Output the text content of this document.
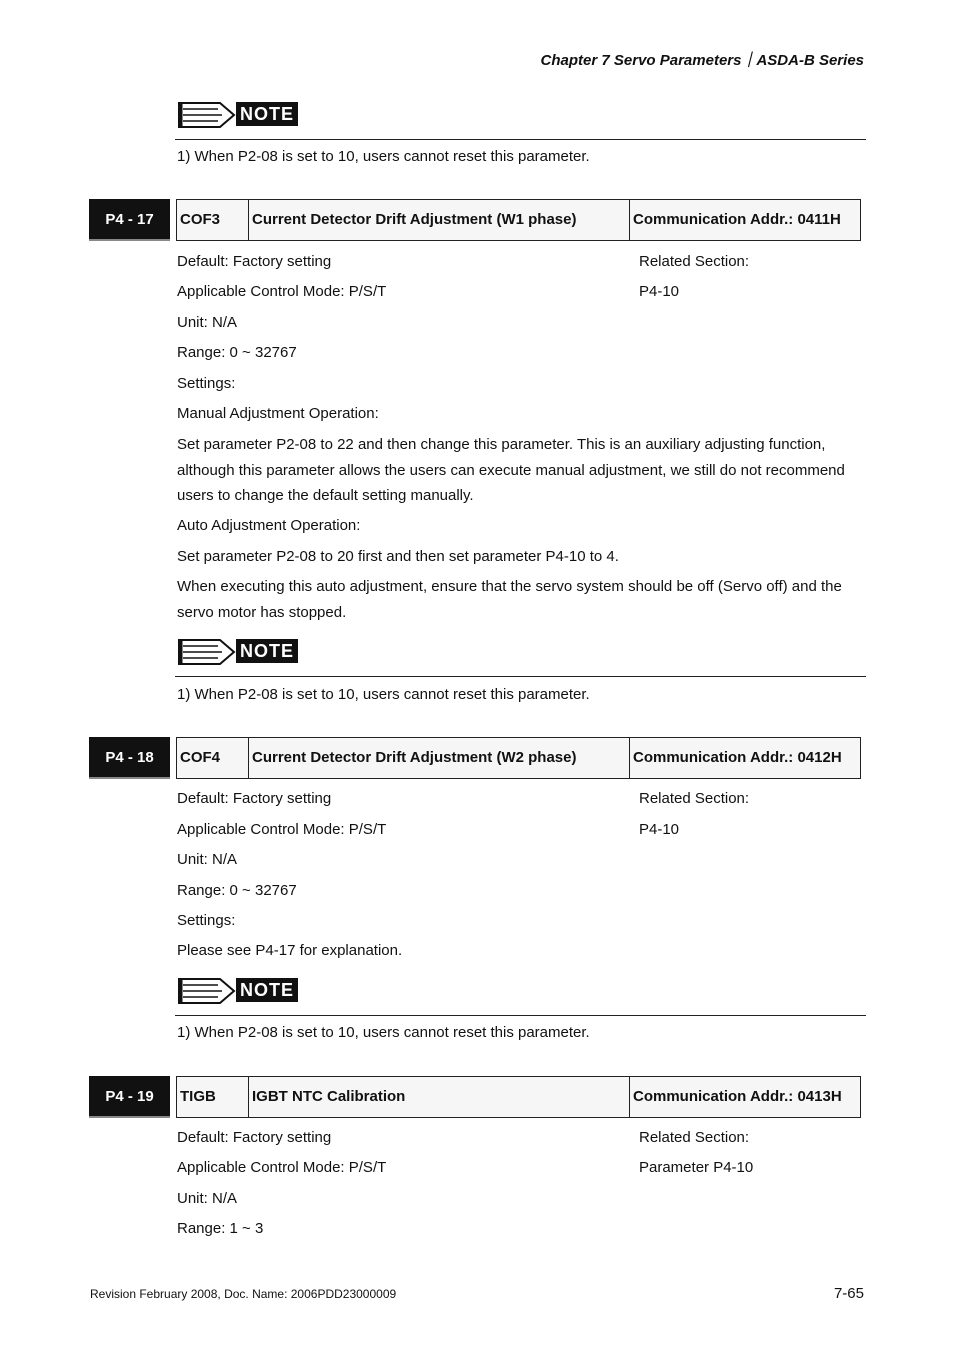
Chapter 7 Servo Parameters｜ASDA-B Series
NOTE
1) When P2-08 is set to 10, users cannot reset this parameter.
P4 - 17	COF3	Current Detector Drift Adjustment (W1 phase)	Communication Addr.: 0411H
Default: Factory setting	Related Section:
Applicable Control Mode: P/S/T	P4-10
Unit: N/A
Range: 0 ~ 32767
Settings:
Manual Adjustment Operation:
Set parameter P2-08 to 22 and then change this parameter. This is an auxiliary adjusting function, although this parameter allows the users can execute manual adjustment, we still do not recommend users to change the default setting manually.
Auto Adjustment Operation:
Set parameter P2-08 to 20 first and then set parameter P4-10 to 4.
When executing this auto adjustment, ensure that the servo system should be off (Servo off) and the servo motor has stopped.
NOTE
1) When P2-08 is set to 10, users cannot reset this parameter.
P4 - 18	COF4	Current Detector Drift Adjustment (W2 phase)	Communication Addr.: 0412H
Default: Factory setting	Related Section:
Applicable Control Mode: P/S/T	P4-10
Unit: N/A
Range: 0 ~ 32767
Settings:
Please see P4-17 for explanation.
NOTE
1) When P2-08 is set to 10, users cannot reset this parameter.
P4 - 19	TIGB	IGBT NTC Calibration	Communication Addr.: 0413H
Default: Factory setting	Related Section:
Applicable Control Mode: P/S/T	Parameter P4-10
Unit: N/A
Range: 1 ~ 3
Revision February 2008, Doc. Name: 2006PDD23000009	7-65
